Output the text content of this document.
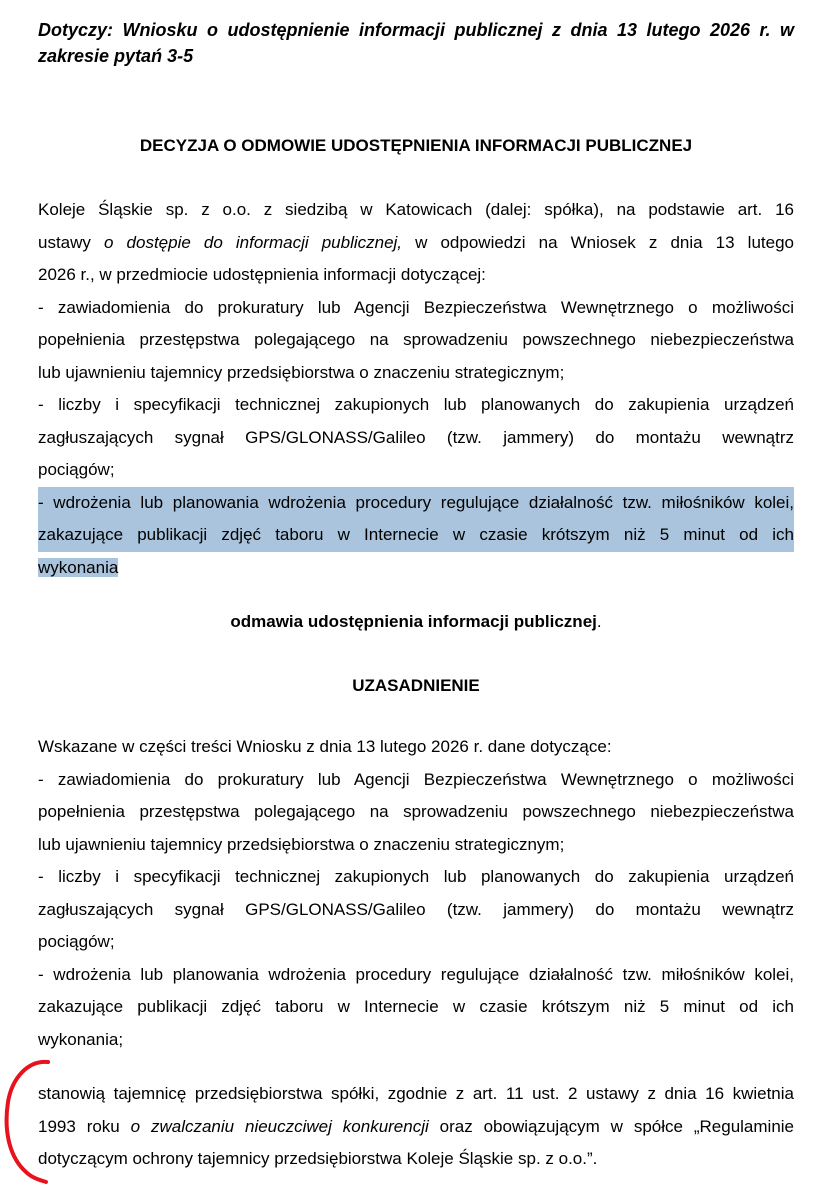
Dotyczy: Wniosku o udostępnienie informacji publicznej z dnia 13 lutego 2026 r. w
zakresie pytań 3-5
DECYZJA O ODMOWIE UDOSTĘPNIENIA INFORMACJI PUBLICZNEJ
Koleje Śląskie sp. z o.o. z siedzibą w Katowicach (dalej: spółka), na podstawie art. 16
ustawy o dostępie do informacji publicznej, w odpowiedzi na Wniosek z dnia 13 lutego
2026 r., w przedmiocie udostępnienia informacji dotyczącej:
- zawiadomienia do prokuratury lub Agencji Bezpieczeństwa Wewnętrznego o możliwości
popełnienia przestępstwa polegającego na sprowadzeniu powszechnego niebezpieczeństwa
lub ujawnieniu tajemnicy przedsiębiorstwa o znaczeniu strategicznym;
- liczby i specyfikacji technicznej zakupionych lub planowanych do zakupienia urządzeń
zagłuszających sygnał GPS/GLONASS/Galileo (tzw. jammery) do montażu wewnątrz
pociągów;
- wdrożenia lub planowania wdrożenia procedury regulujące działalność tzw. miłośników kolei,
zakazujące publikacji zdjęć taboru w Internecie w czasie krótszym niż 5 minut od ich
wykonania
odmawia udostępnienia informacji publicznej.
UZASADNIENIE
Wskazane w części treści Wniosku z dnia 13 lutego 2026 r. dane dotyczące:
- zawiadomienia do prokuratury lub Agencji Bezpieczeństwa Wewnętrznego o możliwości
popełnienia przestępstwa polegającego na sprowadzeniu powszechnego niebezpieczeństwa
lub ujawnieniu tajemnicy przedsiębiorstwa o znaczeniu strategicznym;
- liczby i specyfikacji technicznej zakupionych lub planowanych do zakupienia urządzeń
zagłuszających sygnał GPS/GLONASS/Galileo (tzw. jammery) do montażu wewnątrz
pociągów;
- wdrożenia lub planowania wdrożenia procedury regulujące działalność tzw. miłośników kolei,
zakazujące publikacji zdjęć taboru w Internecie w czasie krótszym niż 5 minut od ich
wykonania;
stanowią tajemnicę przedsiębiorstwa spółki, zgodnie z art. 11 ust. 2 ustawy z dnia 16 kwietnia
1993 roku o zwalczaniu nieuczciwej konkurencji oraz obowiązującym w spółce „Regulaminie
dotyczącym ochrony tajemnicy przedsiębiorstwa Koleje Śląskie sp. z o.o.”.
